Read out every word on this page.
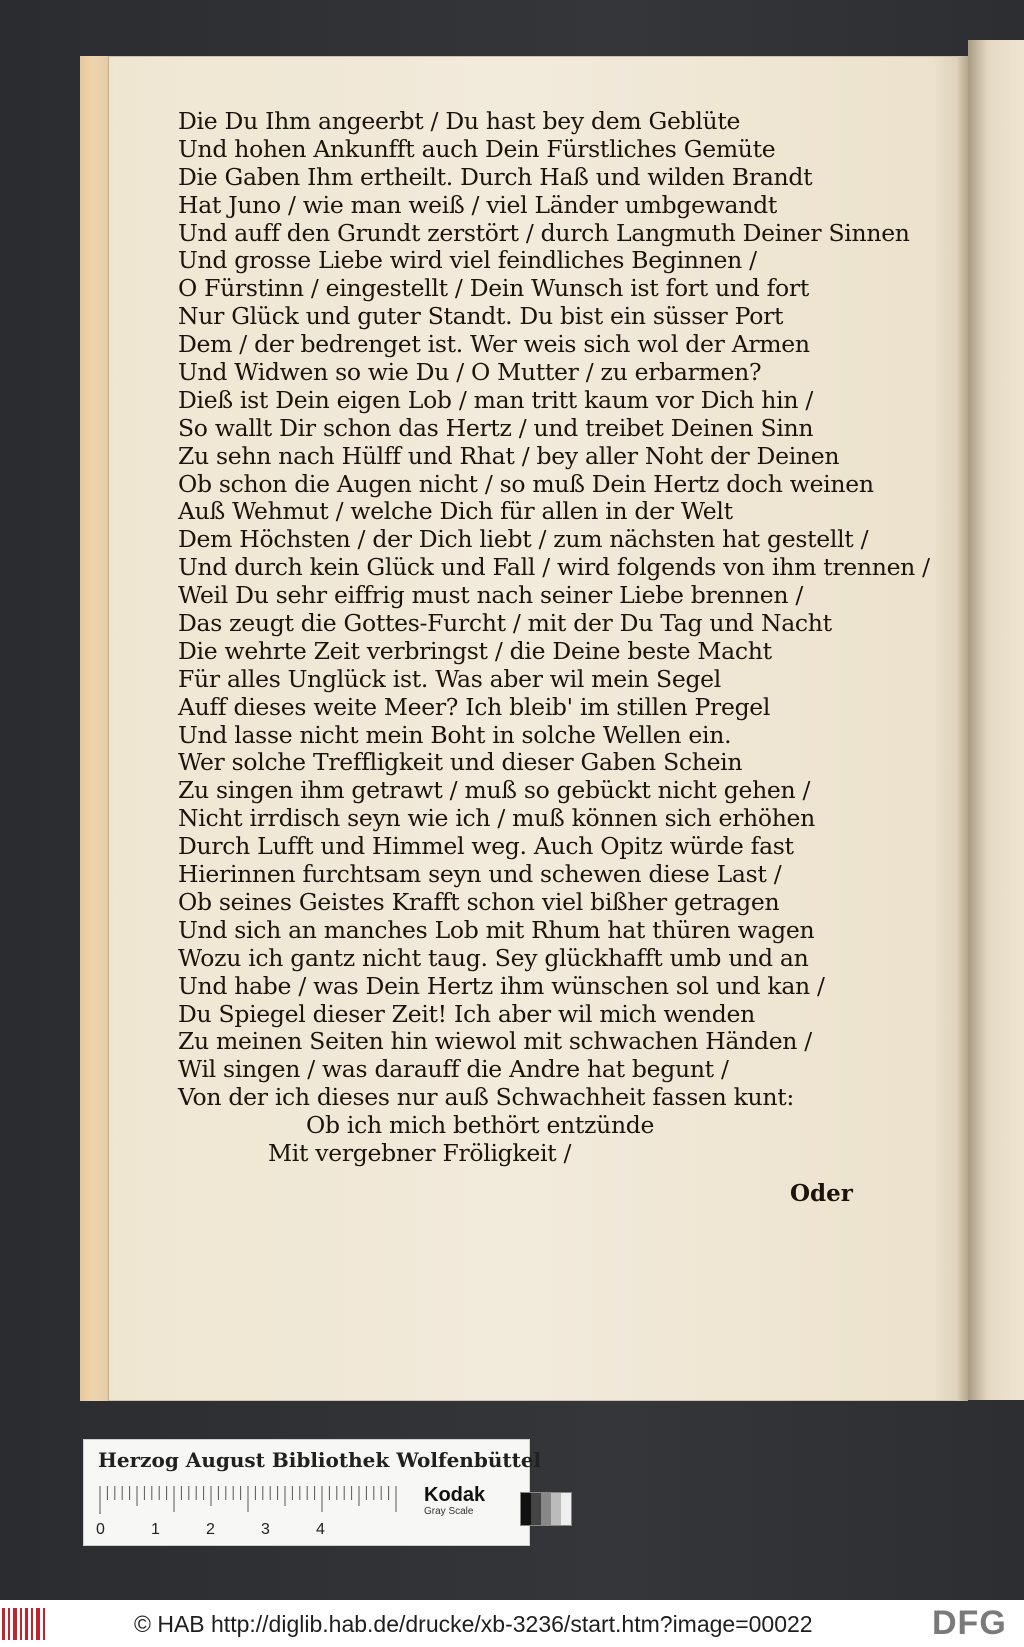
Die Du Ihm angeerbt / Du hast bey dem Geblüte
Und hohen Ankunfft auch Dein Fürstliches Gemüte
Die Gaben Ihm ertheilt. Durch Haß und wilden Brandt
Hat Juno / wie man weiß / viel Länder umbgewandt
Und auff den Grundt zerstört / durch Langmuth Deiner Sinnen
Und grosse Liebe wird viel feindliches Beginnen /
O Fürstinn / eingestellt / Dein Wunsch ist fort und fort
Nur Glück und guter Standt. Du bist ein süsser Port
Dem / der bedrenget ist. Wer weis sich wol der Armen
Und Widwen so wie Du / O Mutter / zu erbarmen?
Dieß ist Dein eigen Lob / man tritt kaum vor Dich hin /
So wallt Dir schon das Hertz / und treibet Deinen Sinn
Zu sehn nach Hülff und Rhat / bey aller Noht der Deinen
Ob schon die Augen nicht / so muß Dein Hertz doch weinen
Auß Wehmut / welche Dich für allen in der Welt
Dem Höchsten / der Dich liebt / zum nächsten hat gestellt /
Und durch kein Glück und Fall / wird folgends von ihm trennen /
Weil Du sehr eiffrig must nach seiner Liebe brennen /
Das zeugt die Gottes-Furcht / mit der Du Tag und Nacht
Die wehrte Zeit verbringst / die Deine beste Macht
Für alles Unglück ist. Was aber wil mein Segel
Auff dieses weite Meer? Ich bleib' im stillen Pregel
Und lasse nicht mein Boht in solche Wellen ein.
Wer solche Treffligkeit und dieser Gaben Schein
Zu singen ihm getrawt / muß so gebückt nicht gehen /
Nicht irrdisch seyn wie ich / muß können sich erhöhen
Durch Lufft und Himmel weg. Auch Opitz würde fast
Hierinnen furchtsam seyn und schewen diese Last /
Ob seines Geistes Krafft schon viel bißher getragen
Und sich an manches Lob mit Rhum hat thüren wagen
Wozu ich gantz nicht taug. Sey glückhafft umb und an
Und habe / was Dein Hertz ihm wünschen sol und kan /
Du Spiegel dieser Zeit! Ich aber wil mich wenden
Zu meinen Seiten hin wiewol mit schwachen Händen /
Wil singen / was darauff die Andre hat begunt /
Von der ich dieses nur auß Schwachheit fassen kunt:
Ob ich mich bethört entzünde
Mit vergebner Fröligkeit /
Oder
Herzog August Bibliothek Wolfenbüttel
0	1	2	3	4
Kodak
Gray Scale
© HAB http://diglib.hab.de/drucke/xb-3236/start.htm?image=00022	DFG
